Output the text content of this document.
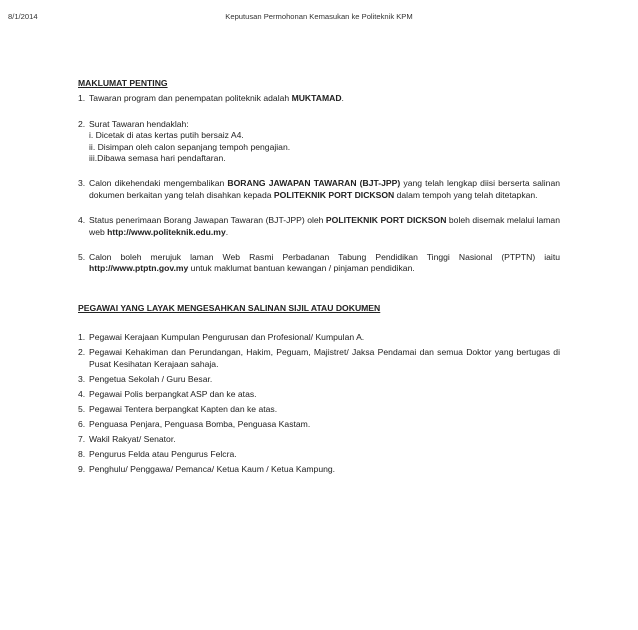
8/1/2014	Keputusan Permohonan Kemasukan ke Politeknik KPM
MAKLUMAT PENTING
1. Tawaran program dan penempatan politeknik adalah MUKTAMAD.
2. Surat Tawaran hendaklah:
i. Dicetak di atas kertas putih bersaiz A4.
ii. Disimpan oleh calon sepanjang tempoh pengajian.
iii.Dibawa semasa hari pendaftaran.
3. Calon dikehendaki mengembalikan BORANG JAWAPAN TAWARAN (BJT-JPP) yang telah lengkap diisi berserta salinan dokumen berkaitan yang telah disahkan kepada POLITEKNIK PORT DICKSON dalam tempoh yang telah ditetapkan.
4. Status penerimaan Borang Jawapan Tawaran (BJT-JPP) oleh POLITEKNIK PORT DICKSON boleh disemak melalui laman web http://www.politeknik.edu.my.
5. Calon boleh merujuk laman Web Rasmi Perbadanan Tabung Pendidikan Tinggi Nasional (PTPTN) iaitu http://www.ptptn.gov.my untuk maklumat bantuan kewangan / pinjaman pendidikan.
PEGAWAI YANG LAYAK MENGESAHKAN SALINAN SIJIL ATAU DOKUMEN
1. Pegawai Kerajaan Kumpulan Pengurusan dan Profesional/ Kumpulan A.
2. Pegawai Kehakiman dan Perundangan, Hakim, Peguam, Majistret/ Jaksa Pendamai dan semua Doktor yang bertugas di Pusat Kesihatan Kerajaan sahaja.
3. Pengetua Sekolah / Guru Besar.
4. Pegawai Polis berpangkat ASP dan ke atas.
5. Pegawai Tentera berpangkat Kapten dan ke atas.
6. Penguasa Penjara, Penguasa Bomba, Penguasa Kastam.
7. Wakil Rakyat/ Senator.
8. Pengurus Felda atau Pengurus Felcra.
9. Penghulu/ Penggawa/ Pemanca/ Ketua Kaum / Ketua Kampung.
